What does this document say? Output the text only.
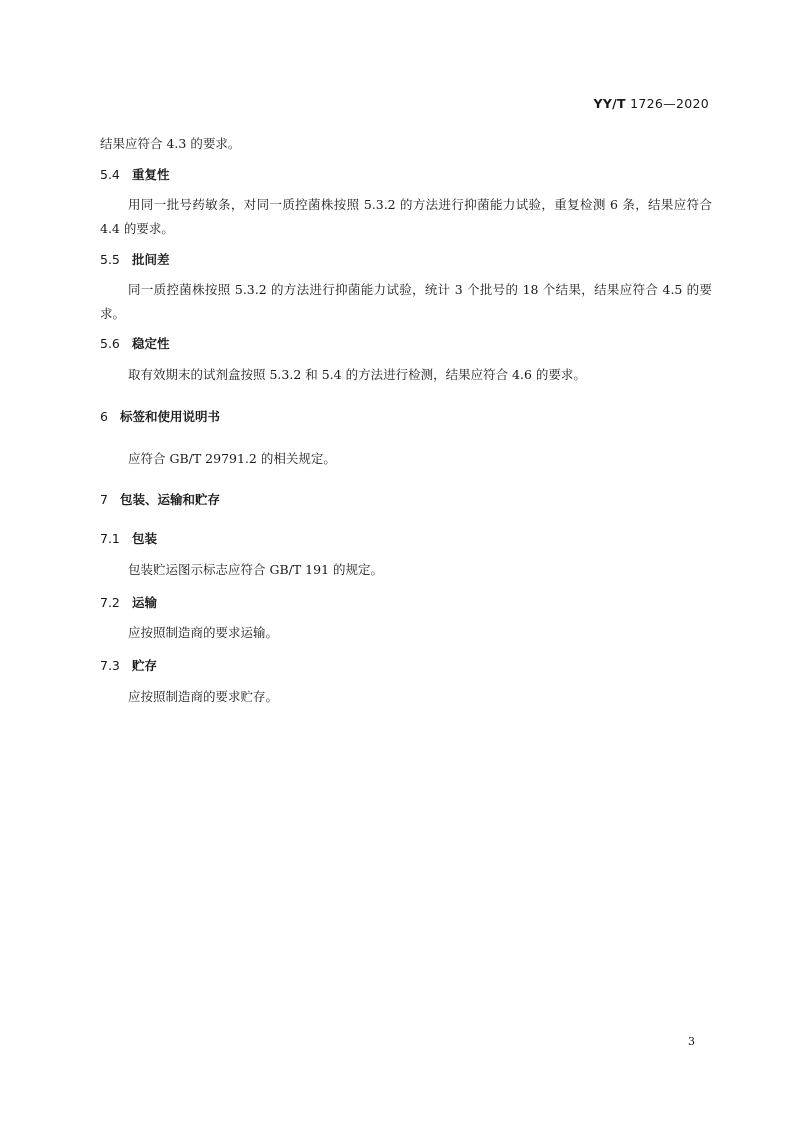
YY/T 1726—2020
结果应符合 4.3 的要求。
5.4 重复性
用同一批号药敏条，对同一质控菌株按照 5.3.2 的方法进行抑菌能力试验，重复检测 6 条，结果应符合 4.4 的要求。
5.5 批间差
同一质控菌株按照 5.3.2 的方法进行抑菌能力试验，统计 3 个批号的 18 个结果，结果应符合 4.5 的要求。
5.6 稳定性
取有效期末的试剂盒按照 5.3.2 和 5.4 的方法进行检测，结果应符合 4.6 的要求。
6 标签和使用说明书
应符合 GB/T 29791.2 的相关规定。
7 包装、运输和贮存
7.1 包装
包装贮运图示标志应符合 GB/T 191 的规定。
7.2 运输
应按照制造商的要求运输。
7.3 贮存
应按照制造商的要求贮存。
3
